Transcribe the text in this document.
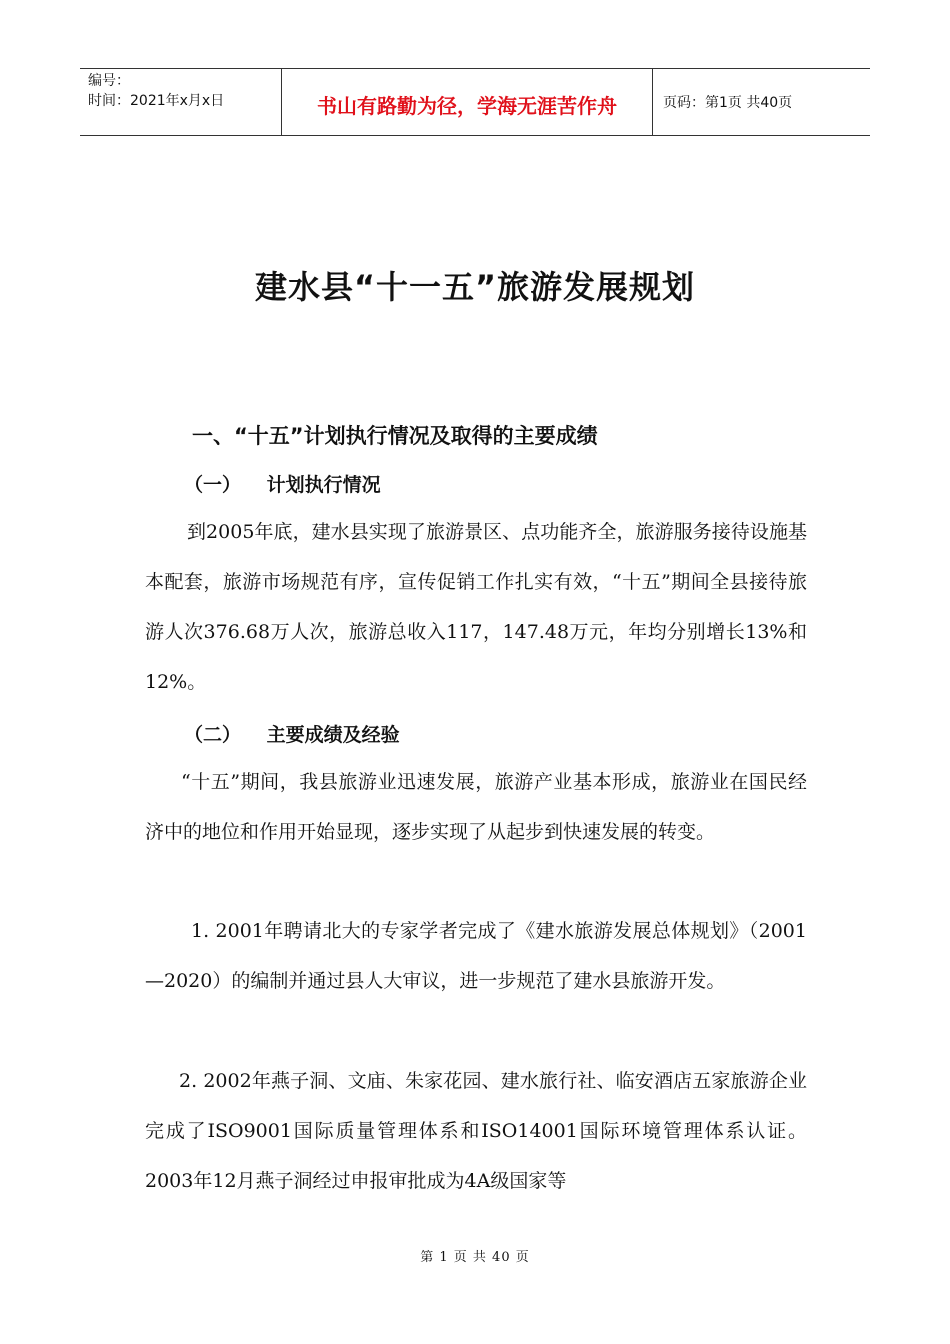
编号：
时间：2021年x月x日	书山有路勤为径，学海无涯苦作舟	页码：第1页 共40页
建水县“十一五”旅游发展规划
一、“十五”计划执行情况及取得的主要成绩
（一） 计划执行情况
到2005年底，建水县实现了旅游景区、点功能齐全，旅游服务接待设施基本配套，旅游市场规范有序，宣传促销工作扎实有效，“十五”期间全县接待旅游人次376.68万人次，旅游总收入117，147.48万元，年均分别增长13%和12%。
（二） 主要成绩及经验
“十五”期间，我县旅游业迅速发展，旅游产业基本形成，旅游业在国民经济中的地位和作用开始显现，逐步实现了从起步到快速发展的转变。
1. 2001年聘请北大的专家学者完成了《建水旅游发展总体规划》（2001—2020）的编制并通过县人大审议，进一步规范了建水县旅游开发。
2. 2002年燕子洞、文庙、朱家花园、建水旅行社、临安酒店五家旅游企业完成了ISO9001国际质量管理体系和ISO14001国际环境管理体系认证。2003年12月燕子洞经过申报审批成为4A级国家等
第 1 页 共 40 页
